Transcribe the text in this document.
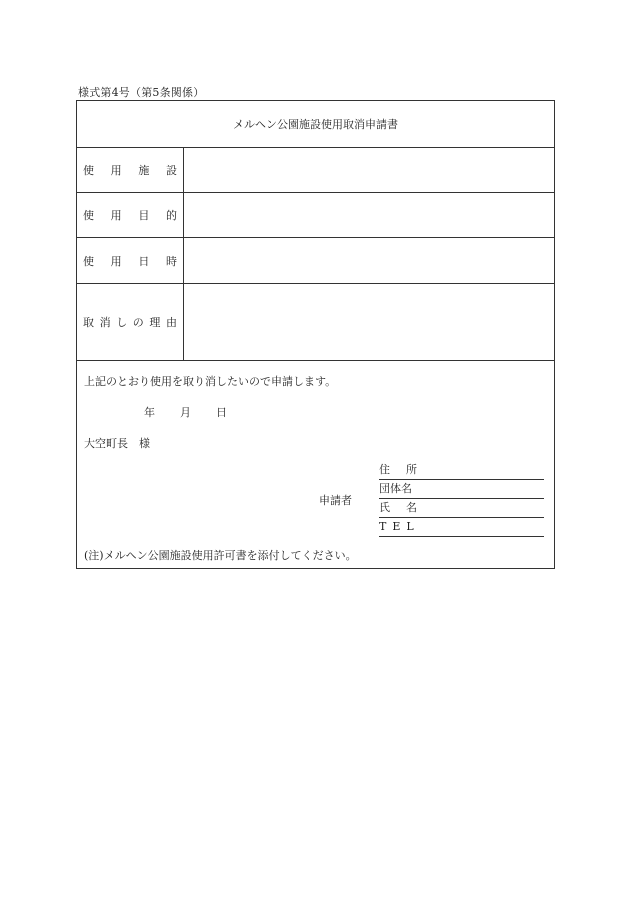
様式第4号（第5条関係）
メルヘン公園施設使用取消申請書
使 用 施 設
使 用 目 的
使 用 日 時
取 消 し の 理 由
上記のとおり使用を取り消したいので申請します。
年 月 日
大空町長　様
申請者
住 所
団体名
氏 名
T E L
(注)メルヘン公園施設使用許可書を添付してください。
